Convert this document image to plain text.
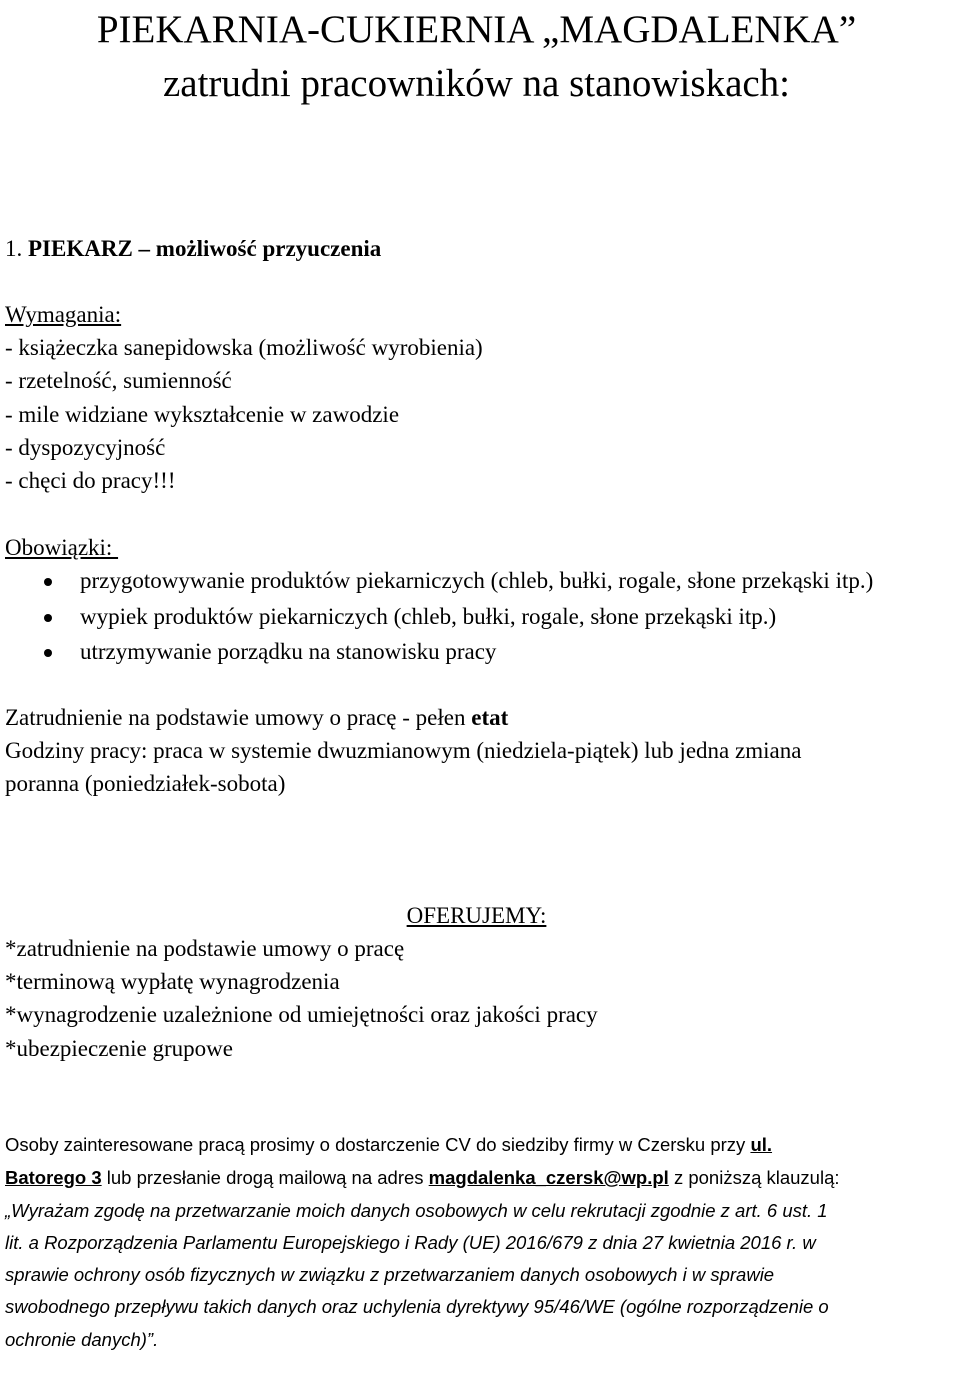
PIEKARNIA-CUKIERNIA „MAGDALENKA”
zatrudni pracowników na stanowiskach:
1. PIEKARZ – możliwość przyuczenia
Wymagania:
- książeczka sanepidowska (możliwość wyrobienia)
- rzetelność, sumienność
- mile widziane wykształcenie w zawodzie
- dyspozycyjność
- chęci do pracy!!!
Obowiązki:
przygotowywanie produktów piekarniczych (chleb, bułki, rogale, słone przekąski itp.)
wypiek produktów piekarniczych (chleb, bułki, rogale, słone przekąski itp.)
utrzymywanie porządku na stanowisku pracy
Zatrudnienie na podstawie umowy o pracę - pełen etat
Godziny pracy: praca w systemie dwuzmianowym (niedziela-piątek) lub jedna zmiana
poranna (poniedziałek-sobota)
OFERUJEMY:
*zatrudnienie na podstawie umowy o pracę
*terminową wypłatę wynagrodzenia
*wynagrodzenie uzależnione od umiejętności oraz jakości pracy
*ubezpieczenie grupowe
Osoby zainteresowane pracą prosimy o dostarczenie CV do siedziby firmy w Czersku przy ul.
Batorego 3 lub przesłanie drogą mailową na adres magdalenka_czersk@wp.pl z poniższą klauzulą:
„Wyrażam zgodę na przetwarzanie moich danych osobowych w celu rekrutacji zgodnie z art. 6 ust. 1
lit. a Rozporządzenia Parlamentu Europejskiego i Rady (UE) 2016/679 z dnia 27 kwietnia 2016 r. w
sprawie ochrony osób fizycznych w związku z przetwarzaniem danych osobowych i w sprawie
swobodnego przepływu takich danych oraz uchylenia dyrektywy 95/46/WE (ogólne rozporządzenie o
ochronie danych)”.
